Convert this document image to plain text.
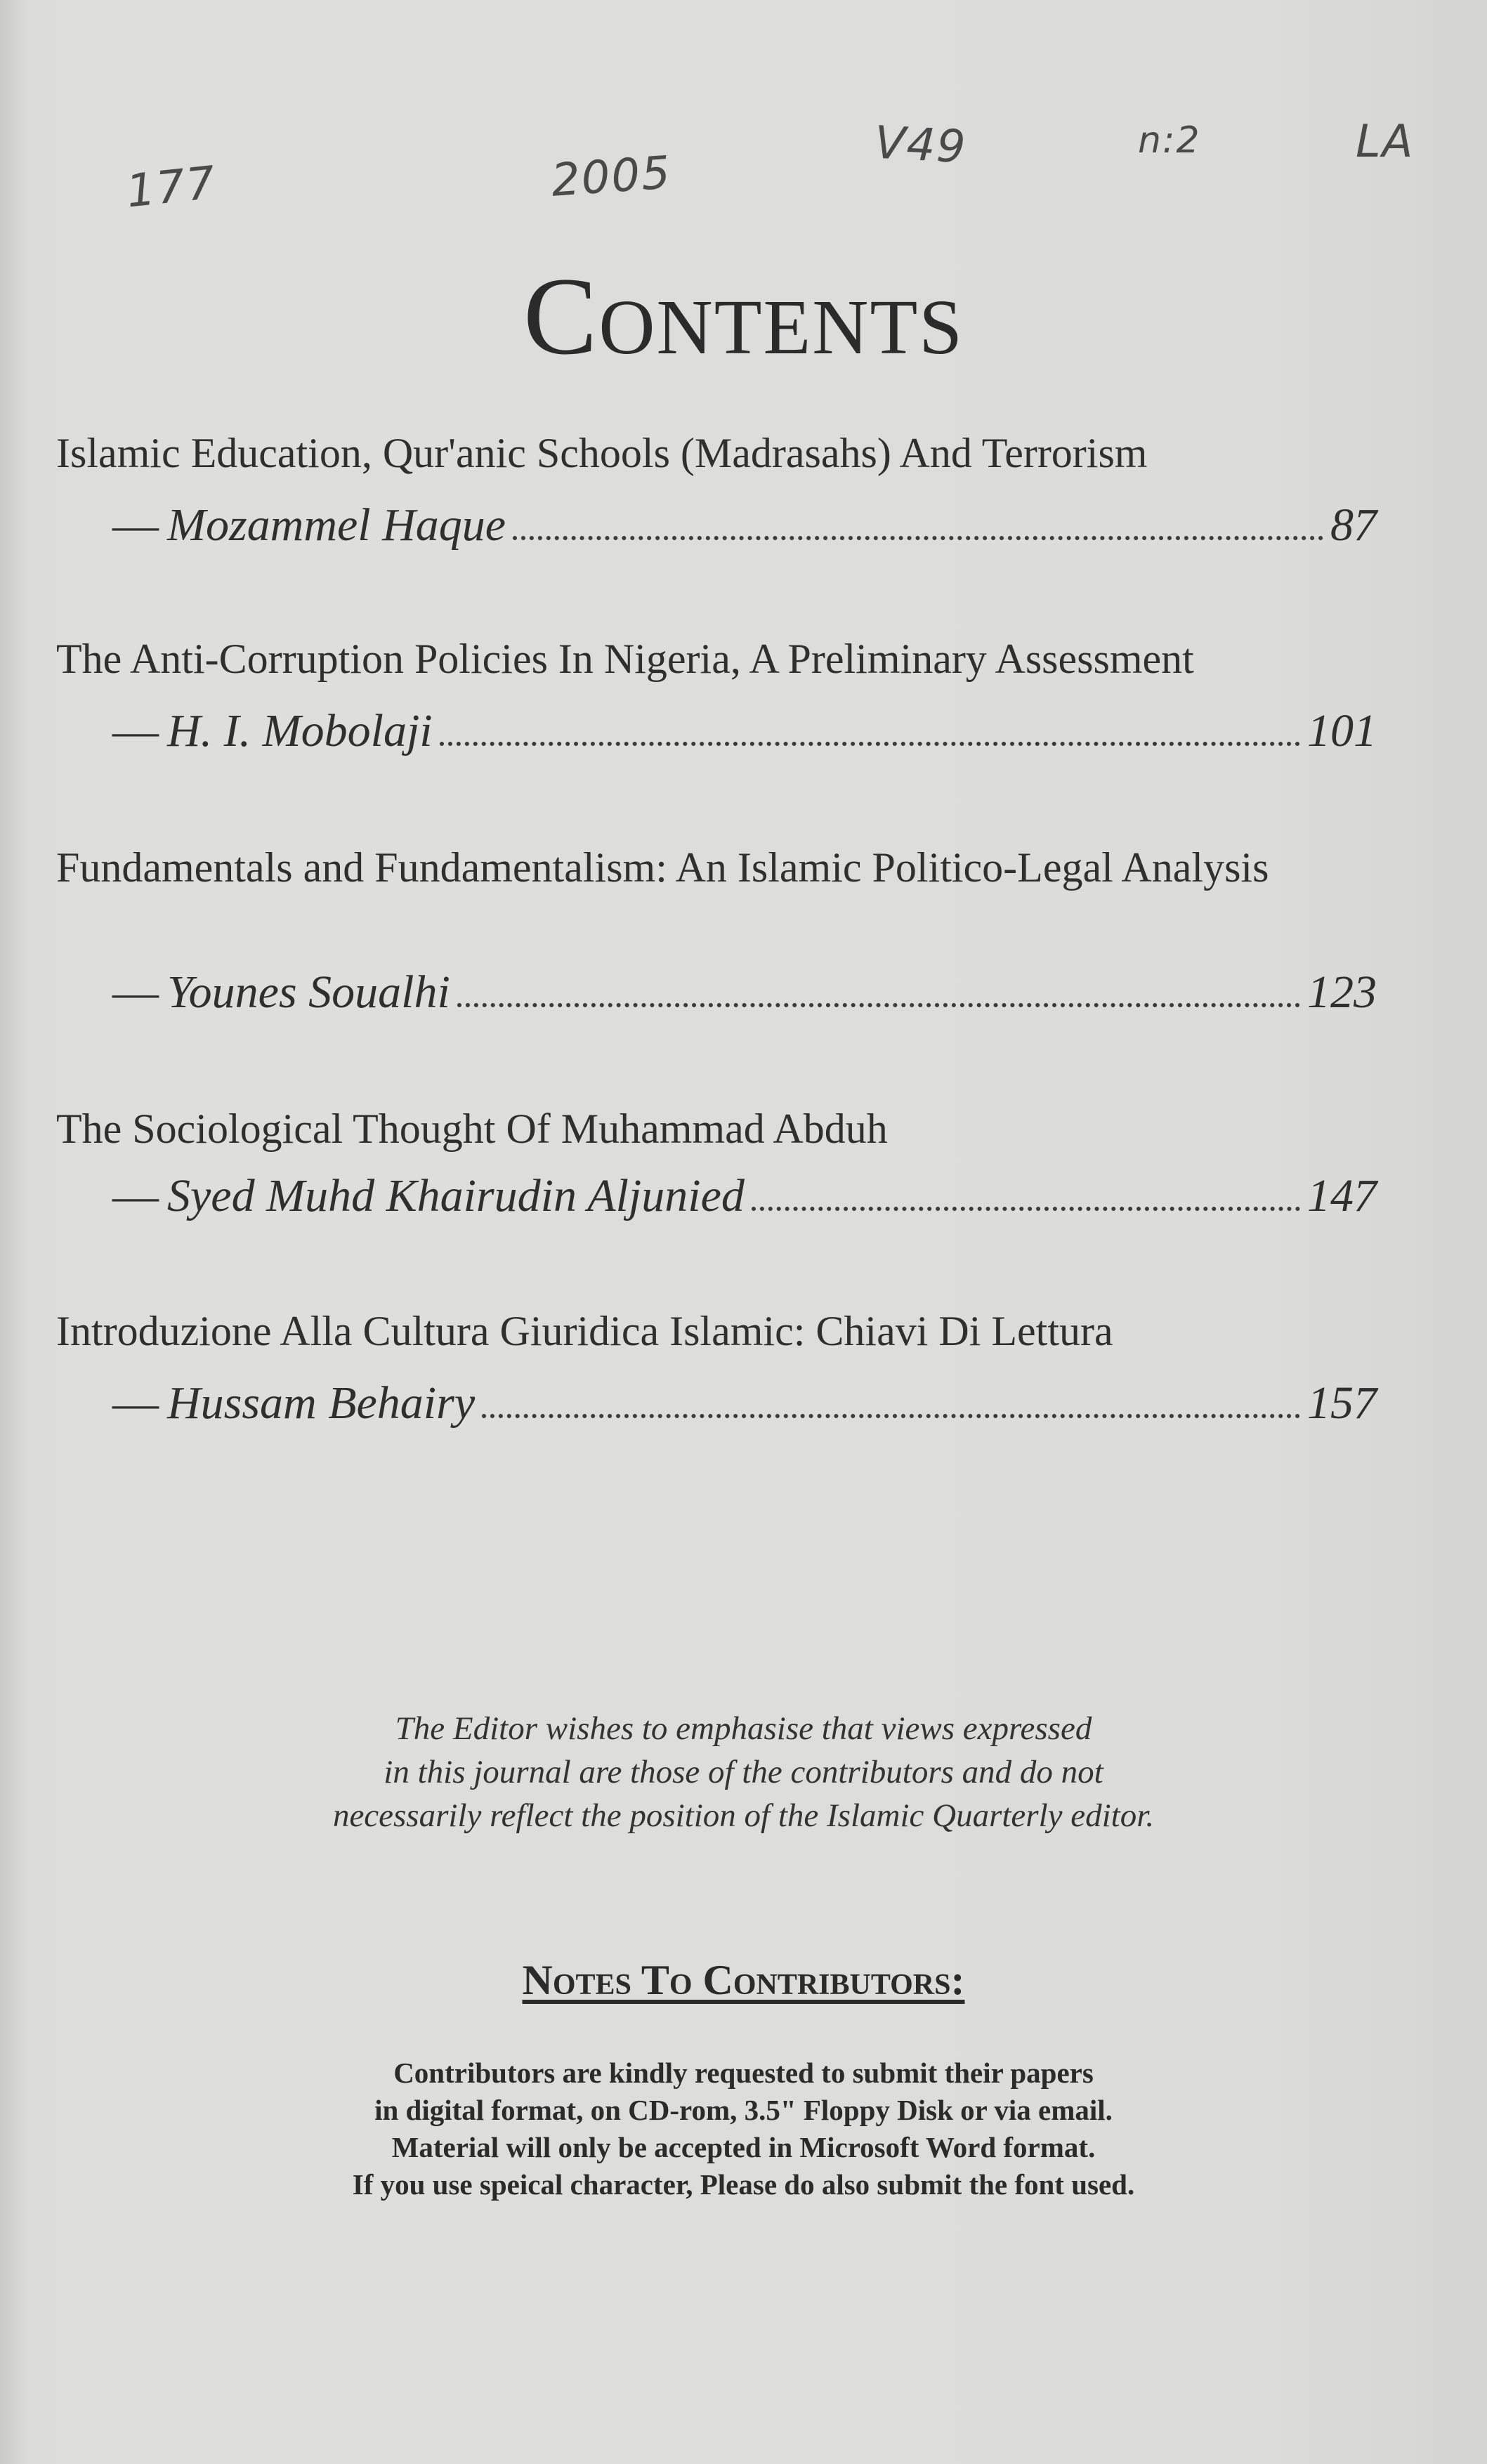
177	2005
V49	n:2	LA
Contents
Islamic Education, Qur'anic Schools (Madrasahs) And Terrorism
— Mozammel Haque	87
The Anti-Corruption Policies In Nigeria, A Preliminary Assessment
— H. I. Mobolaji	101
Fundamentals and Fundamentalism: An Islamic Politico-Legal Analysis
— Younes Soualhi	123
The Sociological Thought Of Muhammad Abduh
— Syed Muhd Khairudin Aljunied	147
Introduzione Alla Cultura Giuridica Islamic: Chiavi Di Lettura
— Hussam Behairy	157
The Editor wishes to emphasise that views expressed
in this journal are those of the contributors and do not
necessarily reflect the position of the Islamic Quarterly editor.
Notes To Contributors:
Contributors are kindly requested to submit their papers
in digital format, on CD-rom, 3.5" Floppy Disk or via email.
Material will only be accepted in Microsoft Word format.
If you use speical character, Please do also submit the font used.
